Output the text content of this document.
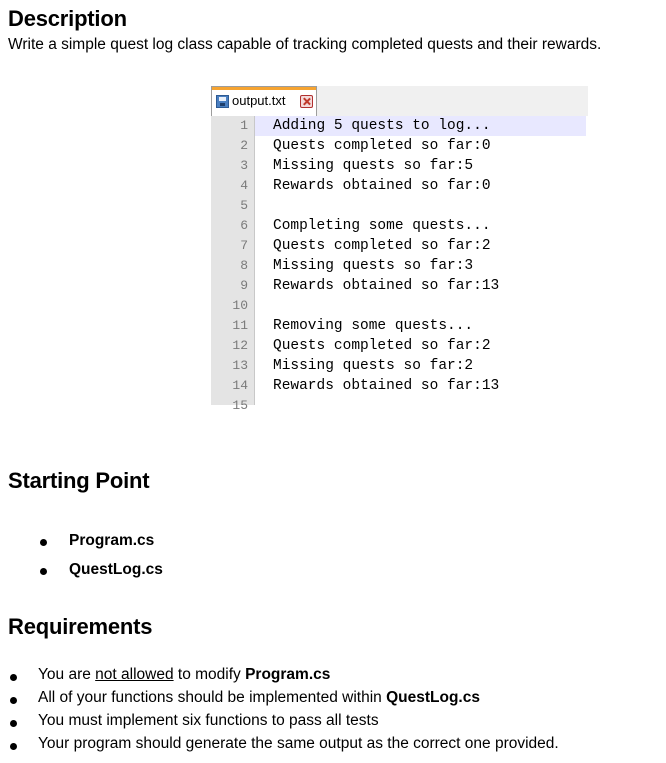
Description

Write a simple quest log class capable of tracking completed quests and their rewards.

output.txt
1 Adding 5 quests to log...
2 Quests completed so far:0
3 Missing quests so far:5
4 Rewards obtained so far:0
5
6 Completing some quests...
7 Quests completed so far:2
8 Missing quests so far:3
9 Rewards obtained so far:13
10
11 Removing some quests...
12 Quests completed so far:2
13 Missing quests so far:2
14 Rewards obtained so far:13
15
Starting Point

Program.cs

QuestLog.cs

Requirements

You are not allowed to modify Program.cs

All of your functions should be implemented within QuestLog.cs

You must implement six functions to pass all tests

Your program should generate the same output as the correct one provided.
